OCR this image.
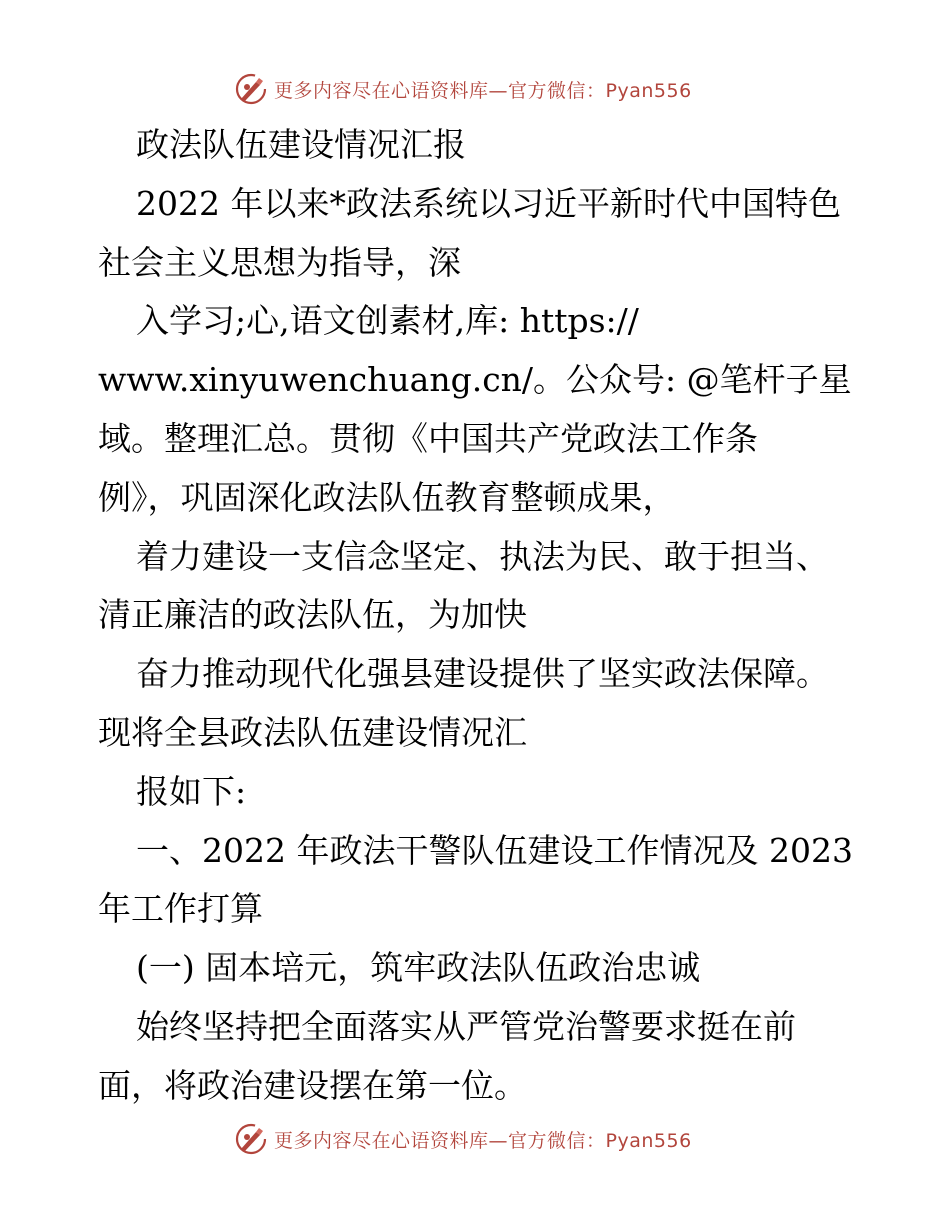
更多内容尽在心语资料库—官方微信：Pyan556
政法队伍建设情况汇报
2022 年以来*政法系统以习近平新时代中国特色
社会主义思想为指导，深
入学习;心,语文创素材,库: https://
www.xinyuwenchuang.cn/。公众号: @笔杆子星
域。整理汇总。贯彻《中国共产党政法工作条
例》，巩固深化政法队伍教育整顿成果，
着力建设一支信念坚定、执法为民、敢于担当、
清正廉洁的政法队伍，为加快
奋力推动现代化强县建设提供了坚实政法保障。
现将全县政法队伍建设情况汇
报如下:
一、2022 年政法干警队伍建设工作情况及 2023
年工作打算
(一) 固本培元，筑牢政法队伍政治忠诚
始终坚持把全面落实从严管党治警要求挺在前
面，将政治建设摆在第一位。
更多内容尽在心语资料库—官方微信：Pyan556
